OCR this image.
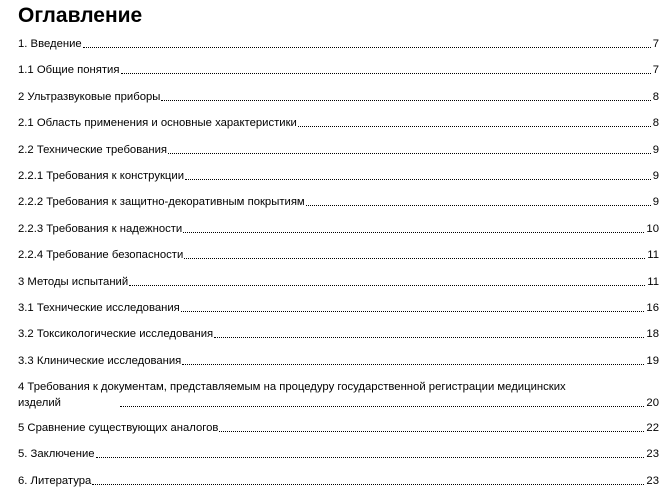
Оглавление
1. Введение	7
1.1 Общие понятия	7
2 Ультразвуковые приборы	8
2.1 Область применения и основные характеристики	8
2.2 Технические требования	9
2.2.1 Требования к конструкции	9
2.2.2 Требования к защитно-декоративным покрытиям	9
2.2.3 Требования к надежности	10
2.2.4 Требование безопасности	11
3 Методы испытаний	11
3.1 Технические исследования	16
3.2 Токсикологические исследования	18
3.3 Клинические исследования	19
4 Требования к документам, представляемым на процедуру государственной регистрации медицинских изделий	20
5 Сравнение существующих аналогов	22
5. Заключение	23
6. Литература	23
